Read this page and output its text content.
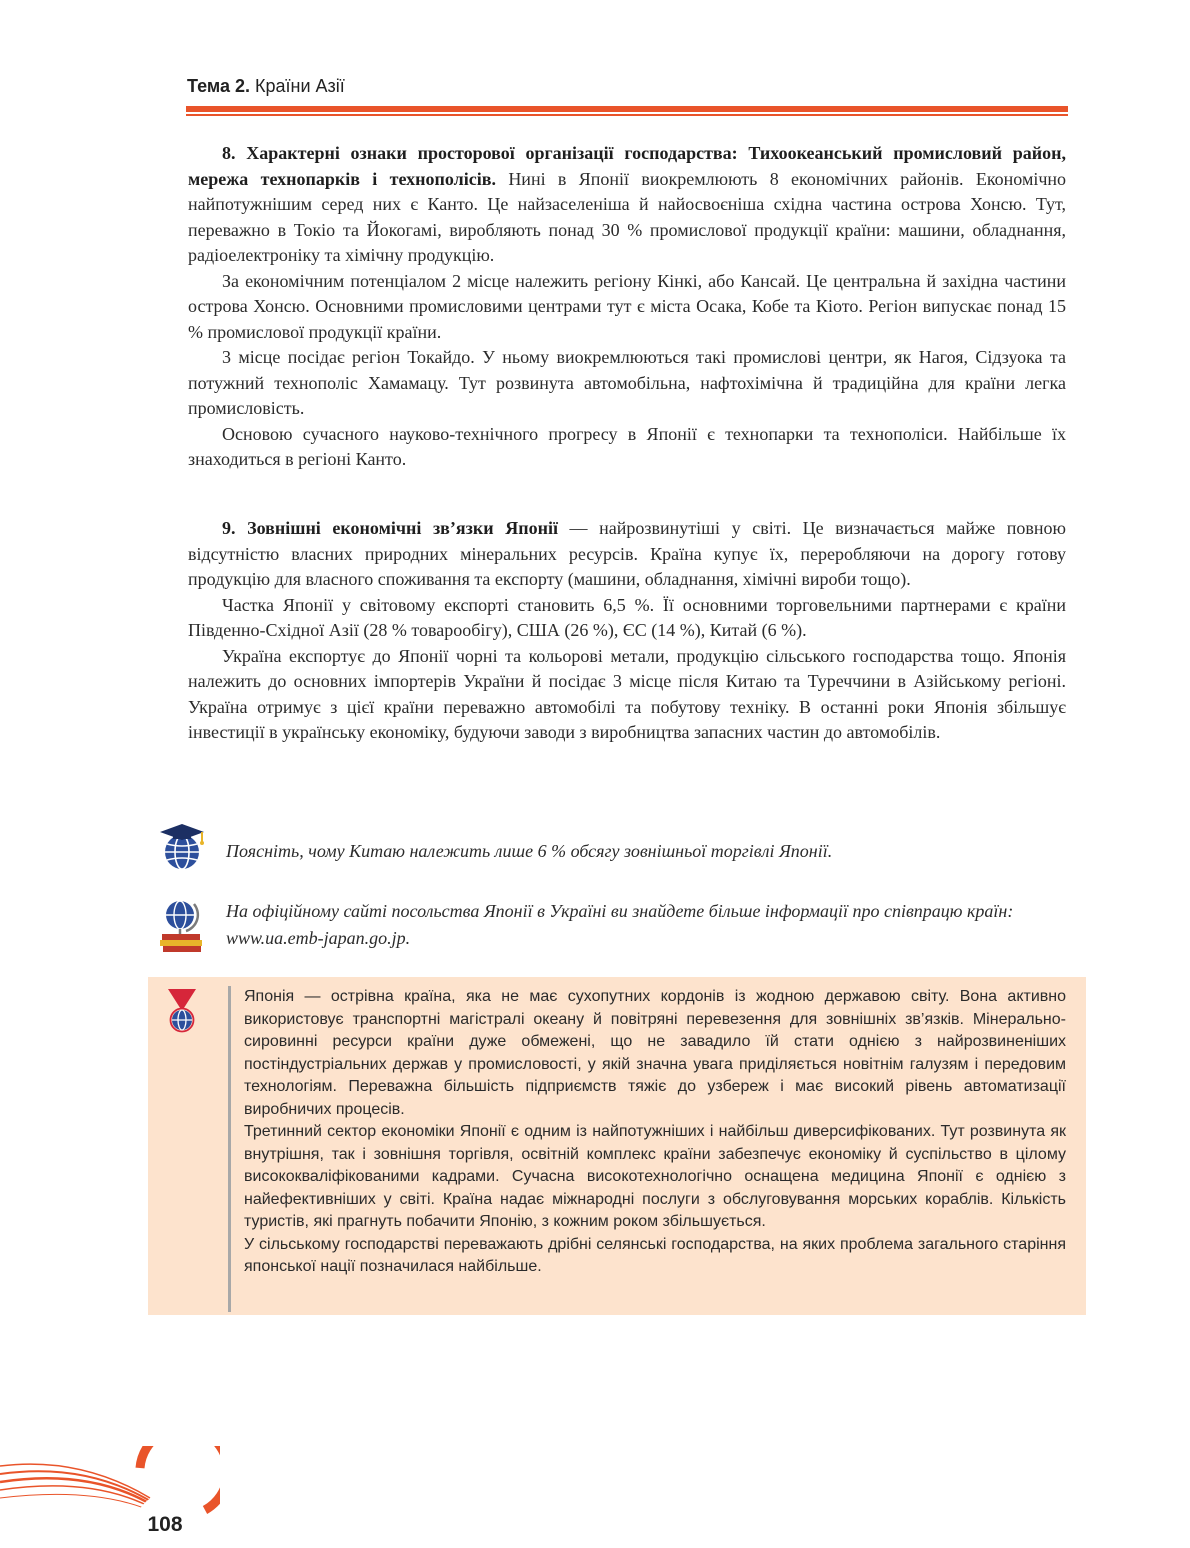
Тема 2. Країни Азії

8. Характерні ознаки просторової організації господарства: Тихоокеанський промисловий район, мережа технопарків і технополісів. Нині в Японії виокремлюють 8 економічних районів. Економічно найпотужнішим серед них є Канто. Це найзаселеніша й найосвоєніша східна частина острова Хонсю. Тут, переважно в Токіо та Йокогамі, виробляють понад 30 % промислової продукції країни: машини, обладнання, радіоелектроніку та хімічну продукцію.

За економічним потенціалом 2 місце належить регіону Кінкі, або Кансай. Це центральна й західна частини острова Хонсю. Основними промисловими центрами тут є міста Осака, Кобе та Кіото. Регіон випускає понад 15 % промислової продукції країни.

3 місце посідає регіон Токайдо. У ньому виокремлюються такі промислові центри, як Нагоя, Сідзуока та потужний технополіс Хамамацу. Тут розвинута автомобільна, нафтохімічна й традиційна для країни легка промисловість.

Основою сучасного науково-технічного прогресу в Японії є технопарки та технополіси. Найбільше їх знаходиться в регіоні Канто.

9. Зовнішні економічні зв’язки Японії — найрозвинутіші у світі. Це визначається майже повною відсутністю власних природних мінеральних ресурсів. Країна купує їх, переробляючи на дорогу готову продукцію для власного споживання та експорту (машини, обладнання, хімічні вироби тощо).

Частка Японії у світовому експорті становить 6,5 %. Її основними торговельними партнерами є країни Південно-Східної Азії (28 % товарообігу), США (26 %), ЄС (14 %), Китай (6 %).

Україна експортує до Японії чорні та кольорові метали, продукцію сільського господарства тощо. Японія належить до основних імпортерів України й посідає 3 місце після Китаю та Туреччини в Азійському регіоні. Україна отримує з цієї країни переважно автомобілі та побутову техніку. В останні роки Японія збільшує інвестиції в українську економіку, будуючи заводи з виробництва запасних частин до автомобілів.

Поясніть, чому Китаю належить лише 6 % обсягу зовнішньої торгівлі Японії.
На офіційному сайті посольства Японії в Україні ви знайдете більше інформації про співпрацю країн: www.ua.emb-japan.go.jp.

Японія — острівна країна, яка не має сухопутних кордонів із жодною державою світу. Вона активно використовує транспортні магістралі океану й повітряні перевезення для зовнішніх зв’язків. Мінерально-сировинні ресурси країни дуже обмежені, що не завадило їй стати однією з найрозвиненіших постіндустріальних держав у промисловості, у якій значна увага приділяється новітнім галузям і передовим технологіям. Переважна більшість підприємств тяжіє до узбереж і має високий рівень автоматизації виробничих процесів.

Третинний сектор економіки Японії є одним із найпотужніших і найбільш диверсифікованих. Тут розвинута як внутрішня, так і зовнішня торгівля, освітній комплекс країни забезпечує економіку й суспільство в цілому висококваліфікованими кадрами. Сучасна високотехнологічно оснащена медицина Японії є однією з найефективніших у світі. Країна надає міжнародні послуги з обслуговування морських кораблів. Кількість туристів, які прагнуть побачити Японію, з кожним роком збільшується.

У сільському господарстві переважають дрібні селянські господарства, на яких проблема загального старіння японської нації позначилася найбільше.

108
